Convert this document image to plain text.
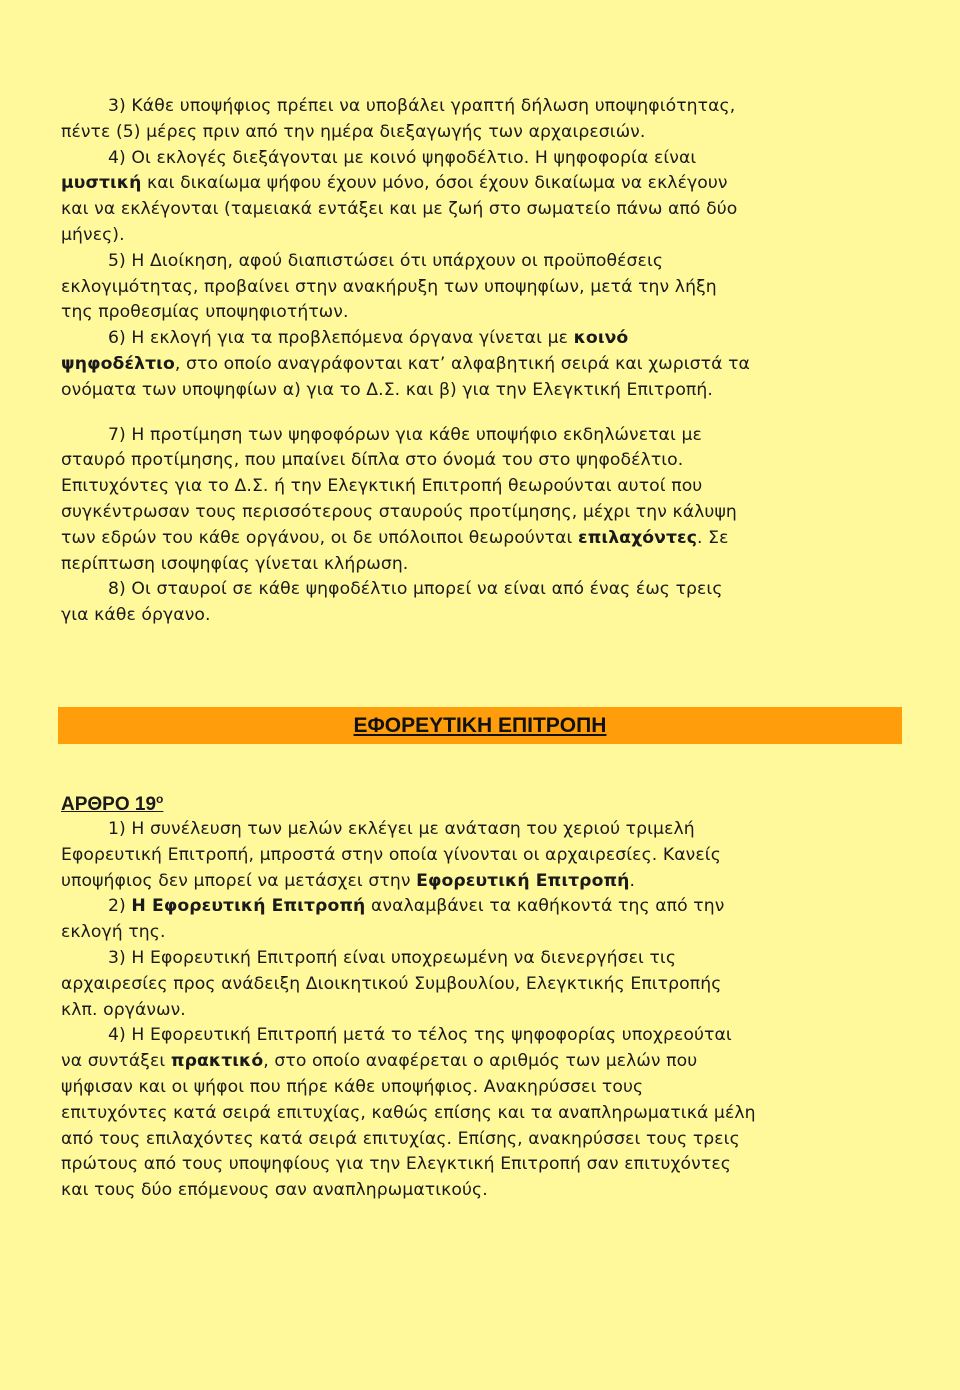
3) Κάθε υποψήφιος πρέπει να υποβάλει γραπτή δήλωση υποψηφιότητας,
πέντε (5) μέρες πριν από την ημέρα διεξαγωγής των αρχαιρεσιών.
4) Οι εκλογές διεξάγονται με κοινό ψηφοδέλτιο. Η ψηφοφορία είναι
μυστική και δικαίωμα ψήφου έχουν μόνο, όσοι έχουν δικαίωμα να εκλέγουν
και να εκλέγονται (ταμειακά εντάξει και με ζωή στο σωματείο πάνω από δύο
μήνες).
5) Η Διοίκηση, αφού διαπιστώσει ότι υπάρχουν οι προϋποθέσεις
εκλογιμότητας, προβαίνει στην ανακήρυξη των υποψηφίων, μετά την λήξη
της προθεσμίας υποψηφιοτήτων.
6) Η εκλογή για τα προβλεπόμενα όργανα γίνεται με κοινό
ψηφοδέλτιο, στο οποίο αναγράφονται κατ’ αλφαβητική σειρά και χωριστά τα
ονόματα των υποψηφίων α) για το Δ.Σ. και β) για την Ελεγκτική Επιτροπή.
7) Η προτίμηση των ψηφοφόρων για κάθε υποψήφιο εκδηλώνεται με
σταυρό προτίμησης, που μπαίνει δίπλα στο όνομά του στο ψηφοδέλτιο.
Επιτυχόντες για το Δ.Σ. ή την Ελεγκτική Επιτροπή θεωρούνται αυτοί που
συγκέντρωσαν τους περισσότερους σταυρούς προτίμησης, μέχρι την κάλυψη
των εδρών του κάθε οργάνου, οι δε υπόλοιποι θεωρούνται επιλαχόντες. Σε
περίπτωση ισοψηφίας γίνεται κλήρωση.
8) Οι σταυροί σε κάθε ψηφοδέλτιο μπορεί να είναι από ένας έως τρεις
για κάθε όργανο.
ΕΦΟΡΕΥΤΙΚΗ ΕΠΙΤΡΟΠΗ
ΑΡΘΡΟ $19^o$
1) Η συνέλευση των μελών εκλέγει με ανάταση του χεριού τριμελή
Εφορευτική Επιτροπή, μπροστά στην οποία γίνονται οι αρχαιρεσίες. Κανείς
υποψήφιος δεν μπορεί να μετάσχει στην Εφορευτική Επιτροπή.
2) Η Εφορευτική Επιτροπή αναλαμβάνει τα καθήκοντά της από την
εκλογή της.
3) Η Εφορευτική Επιτροπή είναι υποχρεωμένη να διενεργήσει τις
αρχαιρεσίες προς ανάδειξη Διοικητικού Συμβουλίου, Ελεγκτικής Επιτροπής
κλπ. οργάνων.
4) Η Εφορευτική Επιτροπή μετά το τέλος της ψηφοφορίας υποχρεούται
να συντάξει πρακτικό, στο οποίο αναφέρεται ο αριθμός των μελών που
ψήφισαν και οι ψήφοι που πήρε κάθε υποψήφιος. Ανακηρύσσει τους
επιτυχόντες κατά σειρά επιτυχίας, καθώς επίσης και τα αναπληρωματικά μέλη
από τους επιλαχόντες κατά σειρά επιτυχίας. Επίσης, ανακηρύσσει τους τρεις
πρώτους από τους υποψηφίους για την Ελεγκτική Επιτροπή σαν επιτυχόντες
και τους δύο επόμενους σαν αναπληρωματικούς.
